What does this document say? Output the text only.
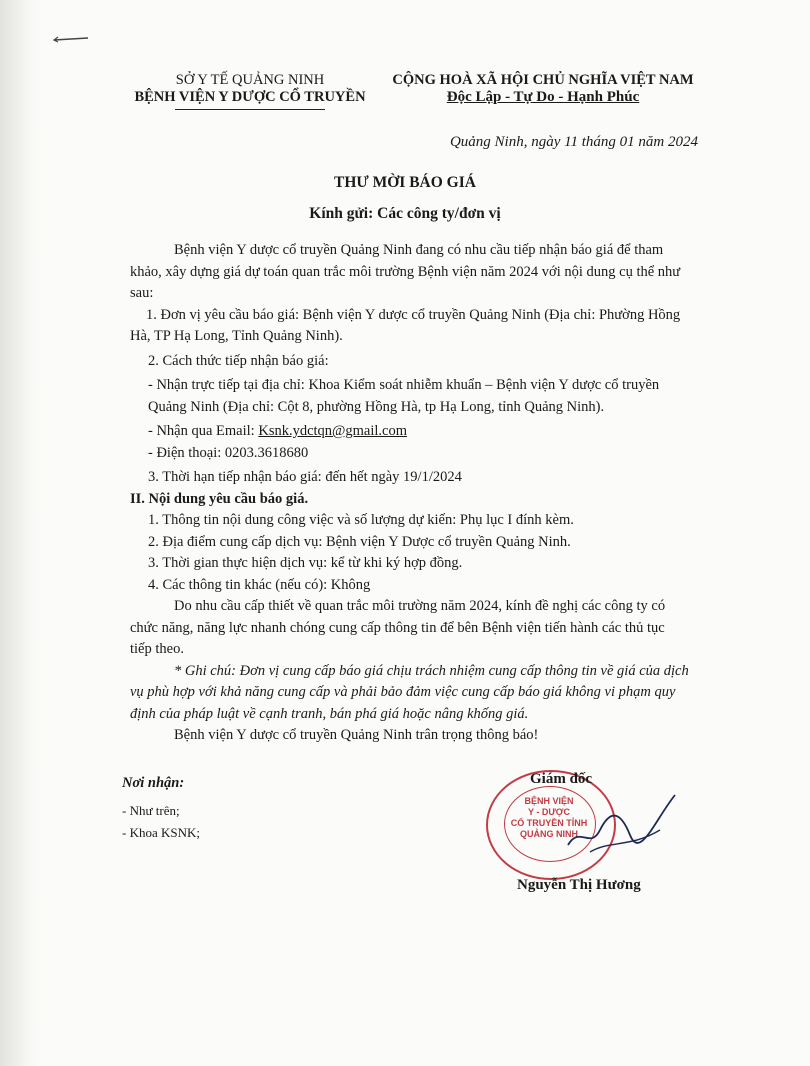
SỞ Y TẾ QUẢNG NINH
BỆNH VIỆN Y DƯỢC CỔ TRUYỀN
CỘNG HOÀ XÃ HỘI CHỦ NGHĨA VIỆT NAM
Độc Lập - Tự Do - Hạnh Phúc
Quảng Ninh, ngày 11 tháng 01 năm 2024
THƯ MỜI BÁO GIÁ
Kính gửi: Các công ty/đơn vị

Bệnh viện Y dược cổ truyền Quảng Ninh đang có nhu cầu tiếp nhận báo giá để tham khảo, xây dựng giá dự toán quan trắc môi trường Bệnh viện năm 2024 với nội dung cụ thể như sau:

1. Đơn vị yêu cầu báo giá: Bệnh viện Y dược cổ truyền Quảng Ninh (Địa chỉ: Phường Hồng Hà, TP Hạ Long, Tỉnh Quảng Ninh).

2. Cách thức tiếp nhận báo giá:

- Nhận trực tiếp tại địa chỉ: Khoa Kiểm soát nhiễm khuẩn – Bệnh viện Y dược cổ truyền Quảng Ninh (Địa chỉ: Cột 8, phường Hồng Hà, tp Hạ Long, tỉnh Quảng Ninh).

- Nhận qua Email: Ksnk.ydctqn@gmail.com

- Điện thoại: 0203.3618680

3. Thời hạn tiếp nhận báo giá: đến hết ngày 19/1/2024

II. Nội dung yêu cầu báo giá.

1. Thông tin nội dung công việc và số lượng dự kiến: Phụ lục I đính kèm.

2. Địa điểm cung cấp dịch vụ: Bệnh viện Y Dược cổ truyền Quảng Ninh.

3. Thời gian thực hiện dịch vụ: kể từ khi ký hợp đồng.

4. Các thông tin khác (nếu có): Không

Do nhu cầu cấp thiết về quan trắc môi trường năm 2024, kính đề nghị các công ty có chức năng, năng lực nhanh chóng cung cấp thông tin để bên Bệnh viện tiến hành các thủ tục tiếp theo.

* Ghi chú: Đơn vị cung cấp báo giá chịu trách nhiệm cung cấp thông tin về giá của dịch vụ phù hợp với khả năng cung cấp và phải bảo đảm việc cung cấp báo giá không vi phạm quy định của pháp luật về cạnh tranh, bán phá giá hoặc nâng khống giá.

Bệnh viện Y dược cổ truyền Quảng Ninh trân trọng thông báo!

Nơi nhận:
- Như trên;
- Khoa KSNK;
BỆNH VIỆN
Y - DƯỢC
CỔ TRUYỀN TỈNH
QUẢNG NINH
Giám đốc
Nguyễn Thị Hương
